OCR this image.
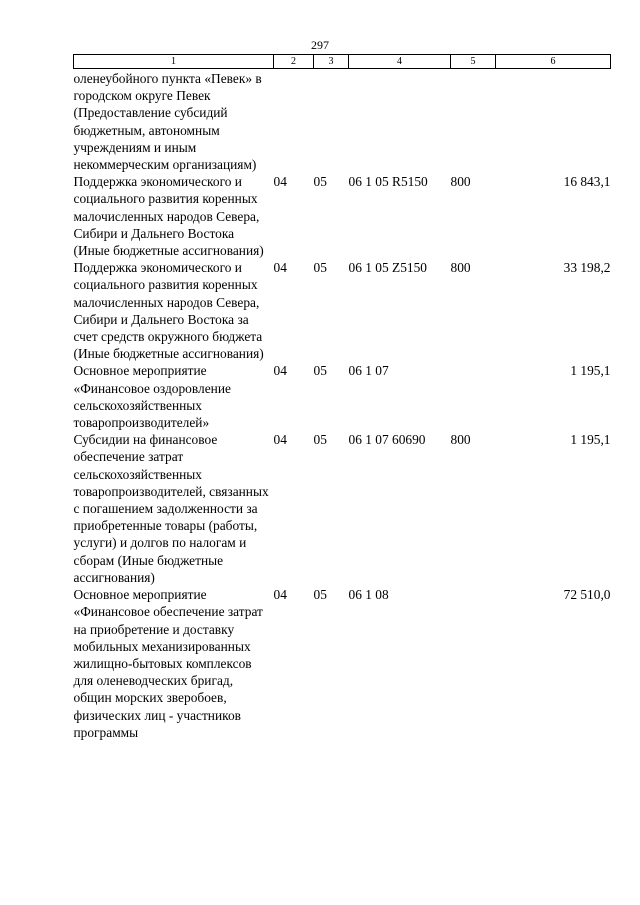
297
1	2	3	4	5	6
оленеубойного пункта «Певек» в городском округе Певек (Предоставление субсидий бюджетным, автономным учреждениям и иным некоммерческим организациям)					
Поддержка экономического и социального развития коренных малочисленных народов Севера, Сибири и Дальнего Востока (Иные бюджетные ассигнования)	04	05	06 1 05 R5150	800	16 843,1
Поддержка экономического и социального развития коренных малочисленных народов Севера, Сибири и Дальнего Востока за счет средств окружного бюджета (Иные бюджетные ассигнования)	04	05	06 1 05 Z5150	800	33 198,2
Основное мероприятие «Финансовое оздоровление сельскохозяйственных товаропроизводителей»	04	05	06 1 07		1 195,1
Субсидии на финансовое обеспечение затрат сельскохозяйственных товаропроизводителей, связанных с погашением задолженности за приобретенные товары (работы, услуги) и долгов по налогам и сборам (Иные бюджетные ассигнования)	04	05	06 1 07 60690	800	1 195,1
Основное мероприятие «Финансовое обеспечение затрат на приобретение и доставку мобильных механизированных жилищно-бытовых комплексов для оленеводческих бригад, общин морских зверобоев, физических лиц - участников программы	04	05	06 1 08		72 510,0
